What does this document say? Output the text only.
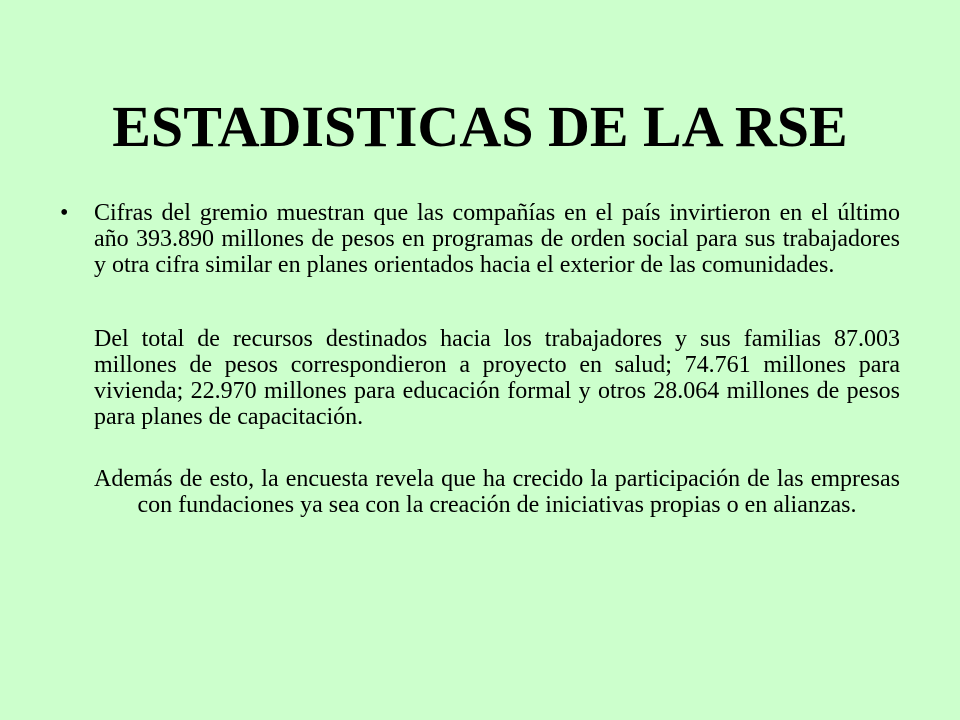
ESTADISTICAS DE LA RSE
•	Cifras del gremio muestran que las compañías en el país invirtieron en el último año 393.890 millones de pesos en programas de orden social para sus trabajadores y otra cifra similar en planes orientados hacia el exterior de las comunidades.
Del total de recursos destinados hacia los trabajadores y sus familias 87.003 millones de pesos correspondieron a proyecto en salud; 74.761 millones para vivienda; 22.970 millones para educación formal y otros 28.064 millones de pesos para planes de capacitación.
Además de esto, la encuesta revela que ha crecido la participación de las empresas con fundaciones ya sea con la creación de iniciativas propias o en alianzas.
